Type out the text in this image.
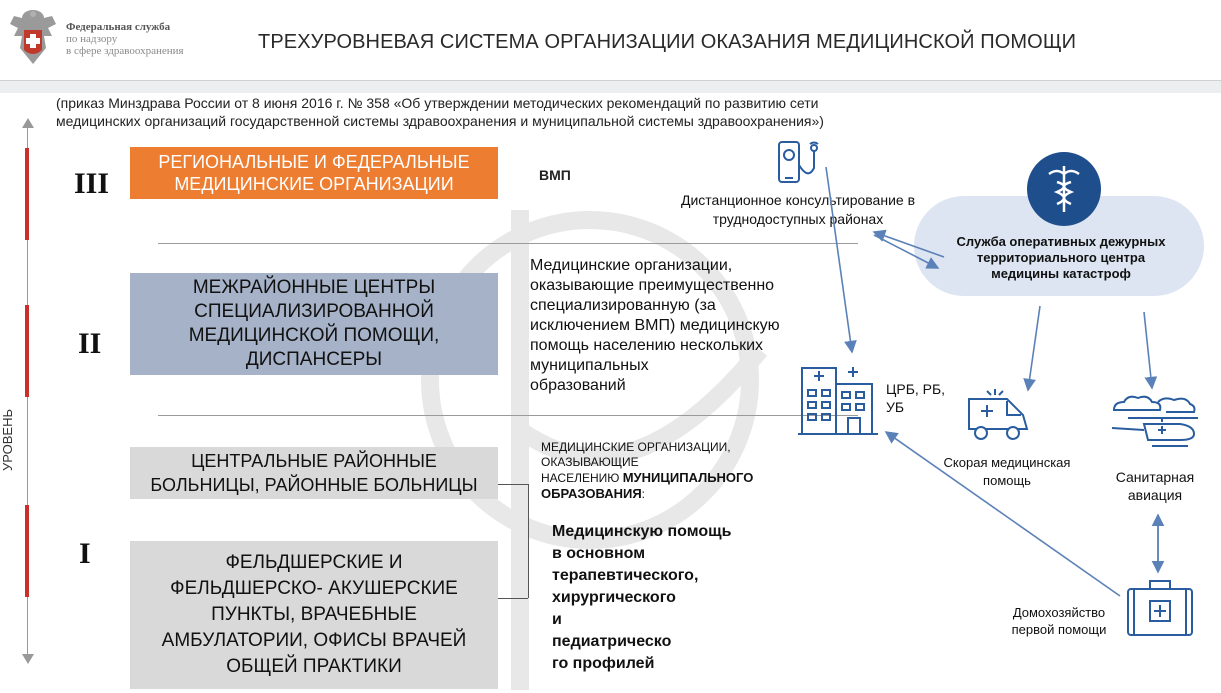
Федеральная служба
по надзору
в сфере здравоохранения	ТРЕХУРОВНЕВАЯ СИСТЕМА ОРГАНИЗАЦИИ ОКАЗАНИЯ МЕДИЦИНСКОЙ ПОМОЩИ
(приказ Минздрава России от 8 июня 2016 г. № 358 «Об утверждении методических рекомендаций по развитию сети
медицинских организаций государственной системы здравоохранения и муниципальной системы здравоохранения»)
УРОВЕНЬ
III
РЕГИОНАЛЬНЫЕ И ФЕДЕРАЛЬНЫЕ
МЕДИЦИНСКИЕ ОРГАНИЗАЦИИ	ВМП
II
МЕЖРАЙОННЫЕ ЦЕНТРЫ
СПЕЦИАЛИЗИРОВАННОЙ
МЕДИЦИНСКОЙ ПОМОЩИ,
ДИСПАНСЕРЫ
Медицинские организации,
оказывающие преимущественно
специализированную (за
исключением ВМП) медицинскую
помощь населению нескольких
муниципальных
образований
I
ЦЕНТРАЛЬНЫЕ РАЙОННЫЕ
БОЛЬНИЦЫ, РАЙОННЫЕ БОЛЬНИЦЫ
ФЕЛЬДШЕРСКИЕ И
ФЕЛЬДШЕРСКО- АКУШЕРСКИЕ
ПУНКТЫ, ВРАЧЕБНЫЕ
АМБУЛАТОРИИ, ОФИСЫ ВРАЧЕЙ
ОБЩЕЙ ПРАКТИКИ
МЕДИЦИНСКИЕ ОРГАНИЗАЦИИ,
ОКАЗЫВАЮЩИЕ
НАСЕЛЕНИЮ МУНИЦИПАЛЬНОГО
ОБРАЗОВАНИЯ:
Медицинскую помощь
в основном
терапевтического,
хирургического
и
педиатрическо
го профилей
Дистанционное консультирование в
труднодоступных районах
Служба оперативных дежурных
территориального центра
медицины катастроф
ЦРБ, РБ,
УБ
Скорая медицинская
помощь	Санитарная
авиация
Домохозяйство
первой помощи
